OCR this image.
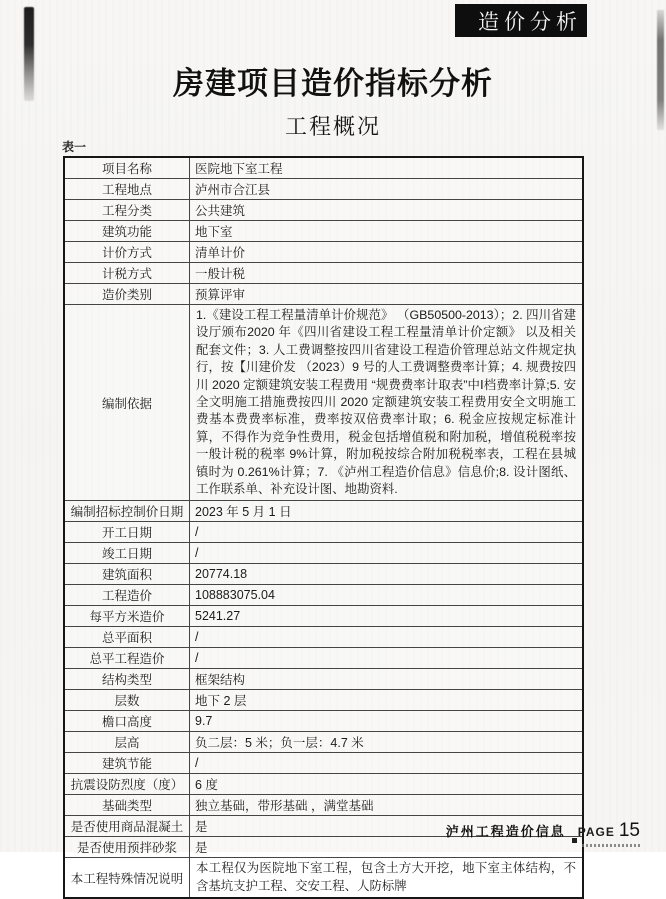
造价分析
房建项目造价指标分析
工程概况
表一
项目名称	医院地下室工程
工程地点	泸州市合江县
工程分类	公共建筑
建筑功能	地下室
计价方式	清单计价
计税方式	一般计税
造价类别	预算评审
编制依据	1.《建设工程工程量清单计价规范》 （GB50500-2013）；2. 四川省建设厅颁布2020 年《四川省建设工程工程量清单计价定额》 以及相关配套文件；3. 人工费调整按四川省建设工程造价管理总站文件规定执行，按【川建价发 （2023）9 号的人工费调整费率计算；4. 规费按四川 2020 定额建筑安装工程费用 “规费费率计取表”中Ⅰ档费率计算;5. 安全文明施工措施费按四川 2020 定额建筑安装工程费用安全文明施工费基本费费率标准，费率按双倍费率计取；6. 税金应按规定标准计算，不得作为竞争性费用，税金包括增值税和附加税，增值税税率按一般计税的税率 9%计算，附加税按综合附加税税率表，工程在县城镇时为 0.261%计算；7. 《泸州工程造价信息》信息价;8. 设计图纸、 工作联系单、补充设计图、地勘资料.
编制招标控制价日期	2023 年 5 月 1 日
开工日期	/
竣工日期	/
建筑面积	20774.18
工程造价	108883075.04
每平方米造价	5241.27
总平面积	/
总平工程造价	/
结构类型	框架结构
层数	地下 2 层
檐口高度	9.7
层高	负二层：5 米；负一层：4.7 米
建筑节能	/
抗震设防烈度（度）	6 度
基础类型	独立基础，带形基础 ，满堂基础
是否使用商品混凝土	是
是否使用预拌砂浆	是
本工程特殊情况说明	本工程仅为医院地下室工程，包含土方大开挖，地下室主体结构，不含基坑支护工程、交安工程、人防标牌
泸州工程造价信息 PAGE 15
